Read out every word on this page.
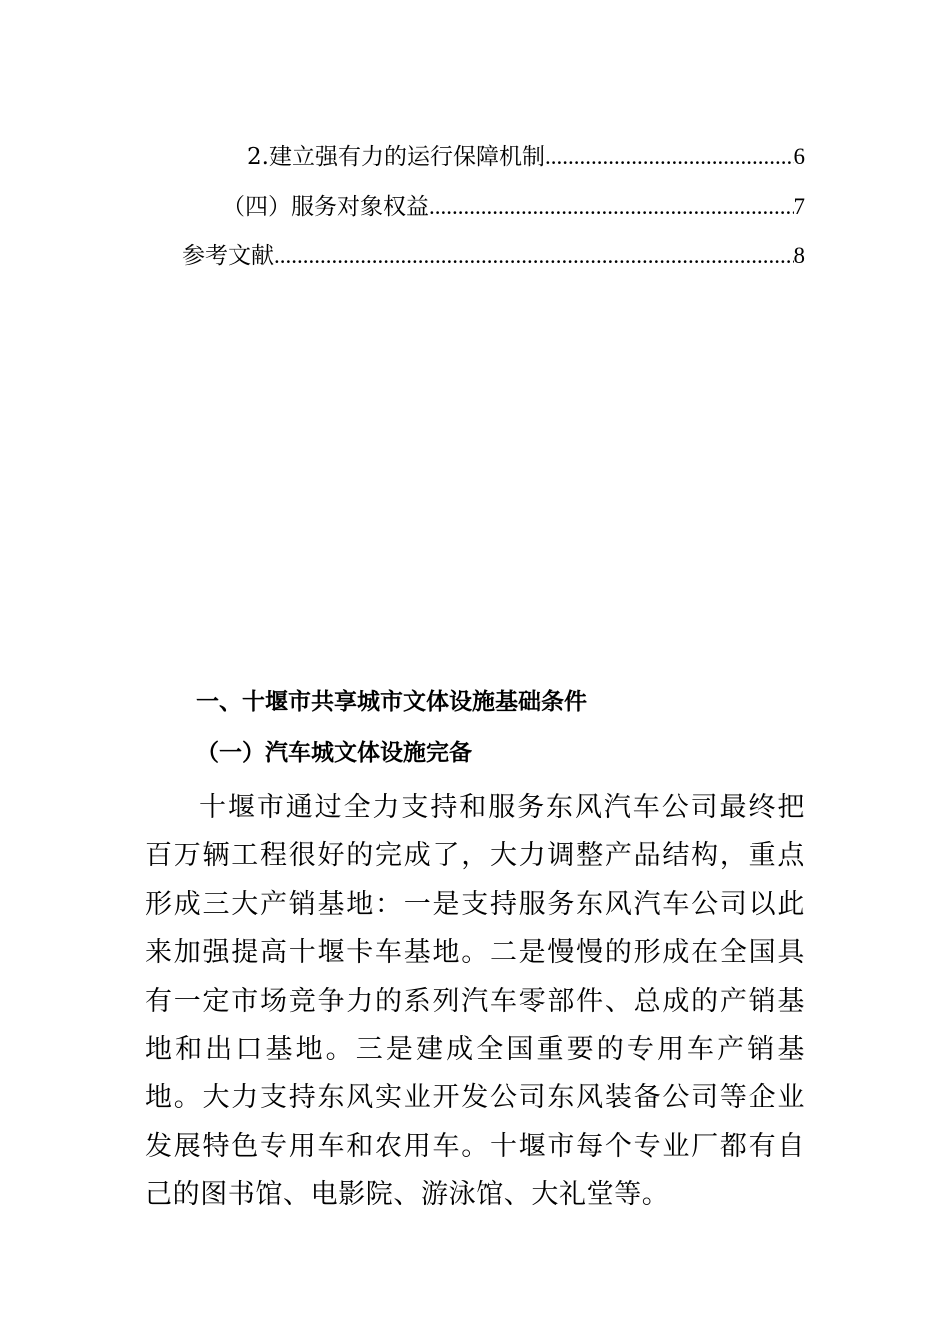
2.建立强有力的运行保障机制 .....	6
（四）服务对象权益 .....	7
参考文献 .....	8
一、十堰市共享城市文体设施基础条件
（一）汽车城文体设施完备

十堰市通过全力支持和服务东风汽车公司最终把百万辆工程很好的完成了，大力调整产品结构，重点形成三大产销基地：一是支持服务东风汽车公司以此来加强提高十堰卡车基地。二是慢慢的形成在全国具有一定市场竞争力的系列汽车零部件、总成的产销基地和出口基地。三是建成全国重要的专用车产销基地。大力支持东风实业开发公司东风装备公司等企业发展特色专用车和农用车。十堰市每个专业厂都有自己的图书馆、电影院、游泳馆、大礼堂等。
